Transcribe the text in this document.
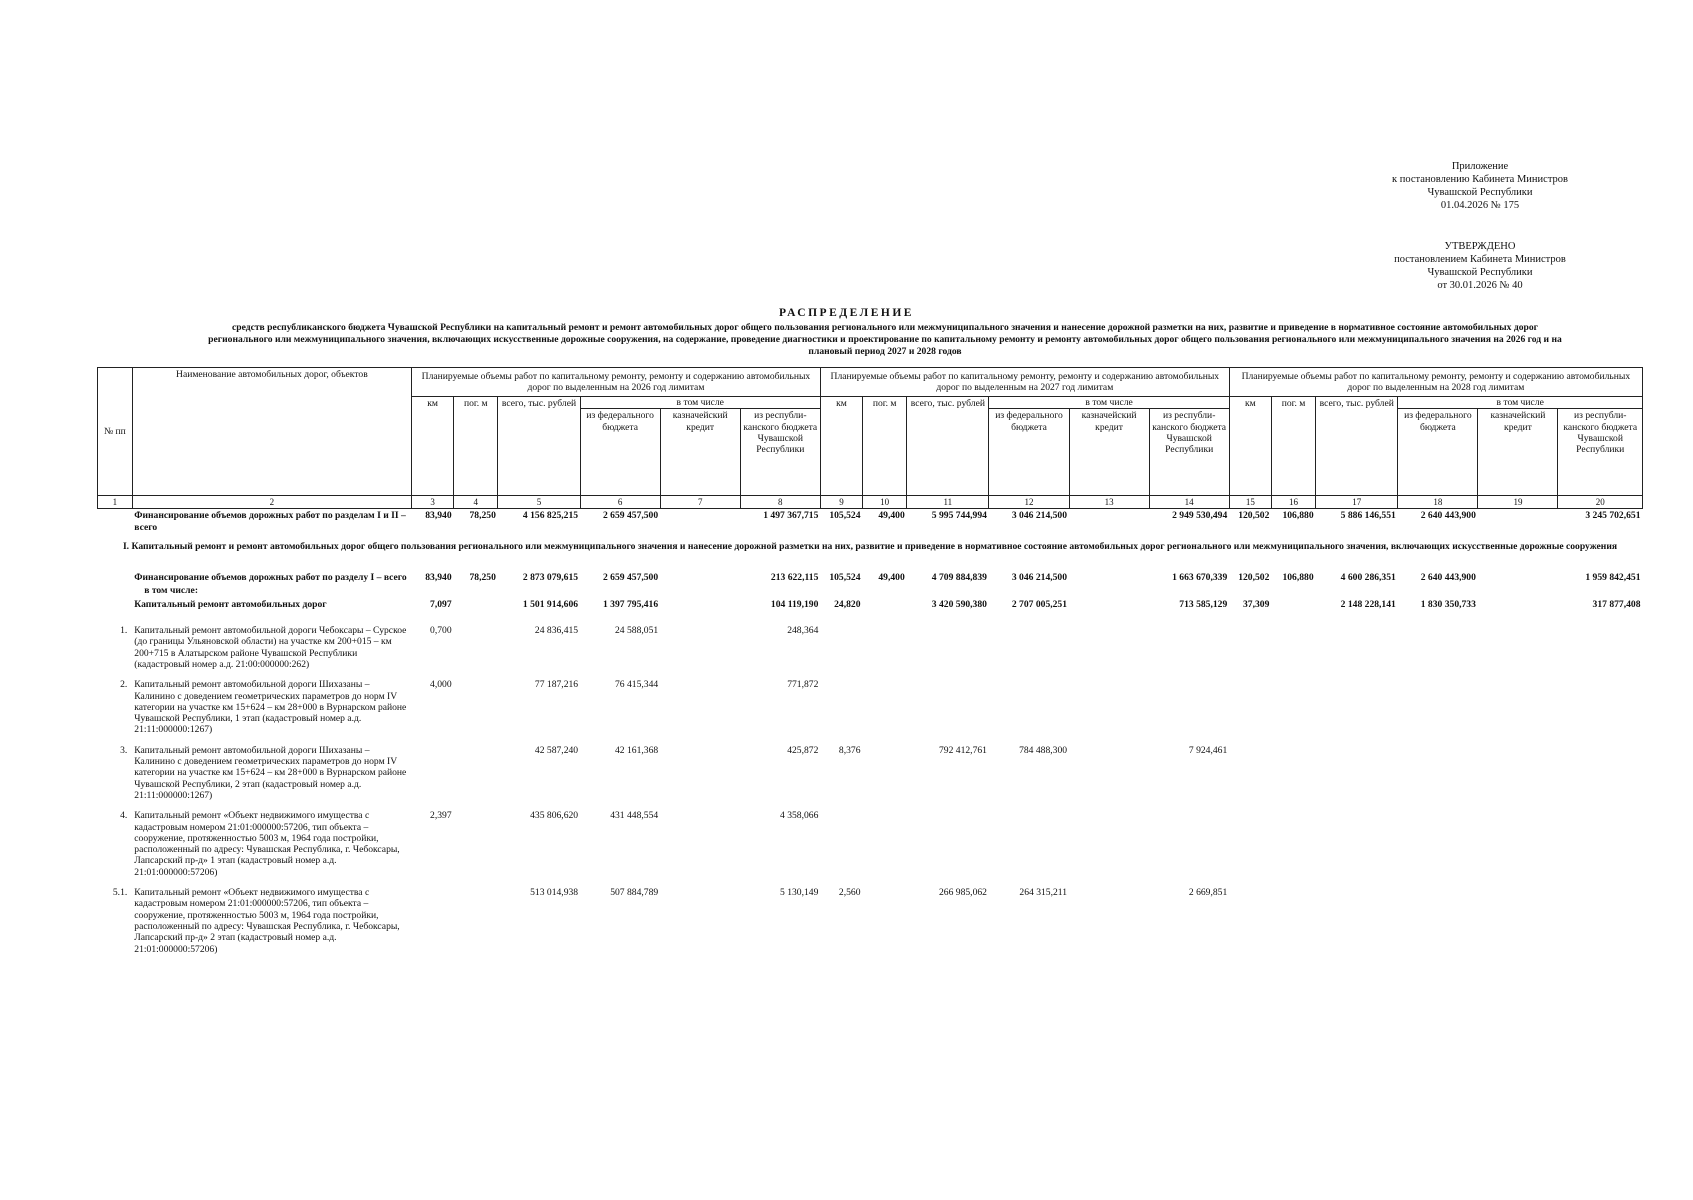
Приложение
к постановлению Кабинета Министров
Чувашской Республики
01.04.2026 № 175
УТВЕРЖДЕНО
постановлением Кабинета Министров
Чувашской Республики
от 30.01.2026 № 40
РАСПРЕДЕЛЕНИЕ
средств республиканского бюджета Чувашской Республики на капитальный ремонт и ремонт автомобильных дорог общего пользования регионального или межмуниципального значения и нанесение дорожной разметки на них, развитие и приведение в нормативное состояние автомобильных дорог регионального или межмуниципального значения, включающих искусственные дорожные сооружения, на содержание, проведение диагностики и проектирование по капитальному ремонту и ремонту автомобильных дорог общего пользования регионального или межмуниципального значения на 2026 год и на плановый период 2027 и 2028 годов
№ пп	Наименование автомобильных дорог, объектов	Планируемые объемы работ по капитальному ремонту, ремонту и содержанию автомобильных дорог по выделенным на 2026 год лимитам						Планируемые объемы работ по капитальному ремонту, ремонту и содержанию автомобильных дорог по выделенным на 2027 год лимитам						Планируемые объемы работ по капитальному ремонту, ремонту и содержанию автомобильных дорог по выделенным на 2028 год лимитам					
		км	пог. м	всего, тыс. рублей	в том числе			км	пог. м	всего, тыс. рублей	в том числе			км	пог. м	всего, тыс. рублей	в том числе		
					из федерального бюджета	казначейский кредит	из республи-канского бюджета Чувашской Республики				из федерального бюджета	казначейский кредит	из республи-канского бюджета Чувашской Республики				из федерального бюджета	казначейский кредит	из республи-канского бюджета Чувашской Республики
1	2	3	4	5	6	7	8	9	10	11	12	13	14	15	16	17	18	19	20
	Финансирование объемов дорожных работ по разделам I и II – всего	83,940	78,250	4 156 825,215	2 659 457,500		1 497 367,715	105,524	49,400	5 995 744,994	3 046 214,500		2 949 530,494	120,502	106,880	5 886 146,551	2 640 443,900		3 245 702,651
I. Капитальный ремонт и ремонт автомобильных дорог общего пользования регионального или межмуниципального значения и нанесение дорожной разметки на них, развитие и приведение в нормативное состояние автомобильных дорог регионального или межмуниципального значения, включающих искусственные дорожные сооружения																			
	Финансирование объемов дорожных работ по разделу I – всего	83,940	78,250	2 873 079,615	2 659 457,500		213 622,115	105,524	49,400	4 709 884,839	3 046 214,500		1 663 670,339	120,502	106,880	4 600 286,351	2 640 443,900		1 959 842,451
	в том числе:																		
	Капитальный ремонт автомобильных дорог	7,097		1 501 914,606	1 397 795,416		104 119,190	24,820		3 420 590,380	2 707 005,251		713 585,129	37,309		2 148 228,141	1 830 350,733		317 877,408
1.	Капитальный ремонт автомобильной дороги Чебоксары – Сурское (до границы Ульяновской области) на участке км 200+015 – км 200+715 в Алатырском районе Чувашской Республики (кадастровый номер а.д. 21:00:000000:262)	0,700		24 836,415	24 588,051		248,364												
2.	Капитальный ремонт автомобильной дороги Шихазаны – Калинино с доведением геометрических параметров до норм IV категории на участке км 15+624 – км 28+000 в Вурнарском районе Чувашской Республики, 1 этап (кадастровый номер а.д. 21:11:000000:1267)	4,000		77 187,216	76 415,344		771,872												
3.	Капитальный ремонт автомобильной дороги Шихазаны – Калинино с доведением геометрических параметров до норм IV категории на участке км 15+624 – км 28+000 в Вурнарском районе Чувашской Республики, 2 этап (кадастровый номер а.д. 21:11:000000:1267)			42 587,240	42 161,368		425,872	8,376		792 412,761	784 488,300		7 924,461						
4.	Капитальный ремонт «Объект недвижимого имущества с кадастровым номером 21:01:000000:57206, тип объекта – сооружение, протяженностью 5003 м, 1964 года постройки, расположенный по адресу: Чувашская Республика, г. Чебоксары, Лапсарский пр-д» 1 этап (кадастровый номер а.д. 21:01:000000:57206)	2,397		435 806,620	431 448,554		4 358,066												
5.1.	Капитальный ремонт «Объект недвижимого имущества с кадастровым номером 21:01:000000:57206, тип объекта – сооружение, протяженностью 5003 м, 1964 года постройки, расположенный по адресу: Чувашская Республика, г. Чебоксары, Лапсарский пр-д» 2 этап (кадастровый номер а.д. 21:01:000000:57206)			513 014,938	507 884,789		5 130,149	2,560		266 985,062	264 315,211		2 669,851						
